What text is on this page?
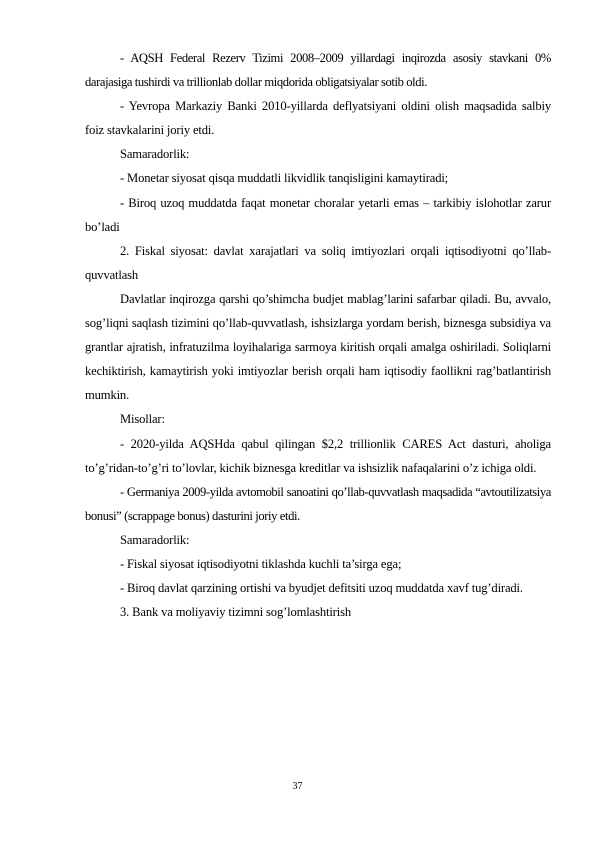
- AQSH Federal Rezerv Tizimi 2008–2009 yillardagi inqirozda asosiy stavkani 0% darajasiga tushirdi va trillionlab dollar miqdorida obligatsiyalar sotib oldi.

- Yevropa Markaziy Banki 2010-yillarda deflyatsiyani oldini olish maqsadida salbiy foiz stavkalarini joriy etdi.

Samaradorlik:

- Monetar siyosat qisqa muddatli likvidlik tanqisligini kamaytiradi;

- Biroq uzoq muddatda faqat monetar choralar yetarli emas – tarkibiy islohotlar zarur bo’ladi

2. Fiskal siyosat: davlat xarajatlari va soliq imtiyozlari orqali iqtisodiyotni qo’llab-quvvatlash

Davlatlar inqirozga qarshi qo’shimcha budjet mablag’larini safarbar qiladi. Bu, avvalo, sog’liqni saqlash tizimini qo’llab-quvvatlash, ishsizlarga yordam berish, biznesga subsidiya va grantlar ajratish, infratuzilma loyihalariga sarmoya kiritish orqali amalga oshiriladi. Soliqlarni kechiktirish, kamaytirish yoki imtiyozlar berish orqali ham iqtisodiy faollikni rag’batlantirish mumkin.

Misollar:

- 2020-yilda AQSHda qabul qilingan $2,2 trillionlik CARES Act dasturi, aholiga to’g’ridan-to’g’ri to’lovlar, kichik biznesga kreditlar va ishsizlik nafaqalarini o’z ichiga oldi.

- Germaniya 2009-yilda avtomobil sanoatini qo’llab-quvvatlash maqsadida “avtoutilizatsiya bonusi” (scrappage bonus) dasturini joriy etdi.

Samaradorlik:

- Fiskal siyosat iqtisodiyotni tiklashda kuchli ta’sirga ega;

- Biroq davlat qarzining ortishi va byudjet defitsiti uzoq muddatda xavf tug’diradi.

3. Bank va moliyaviy tizimni sog’lomlashtirish

37
